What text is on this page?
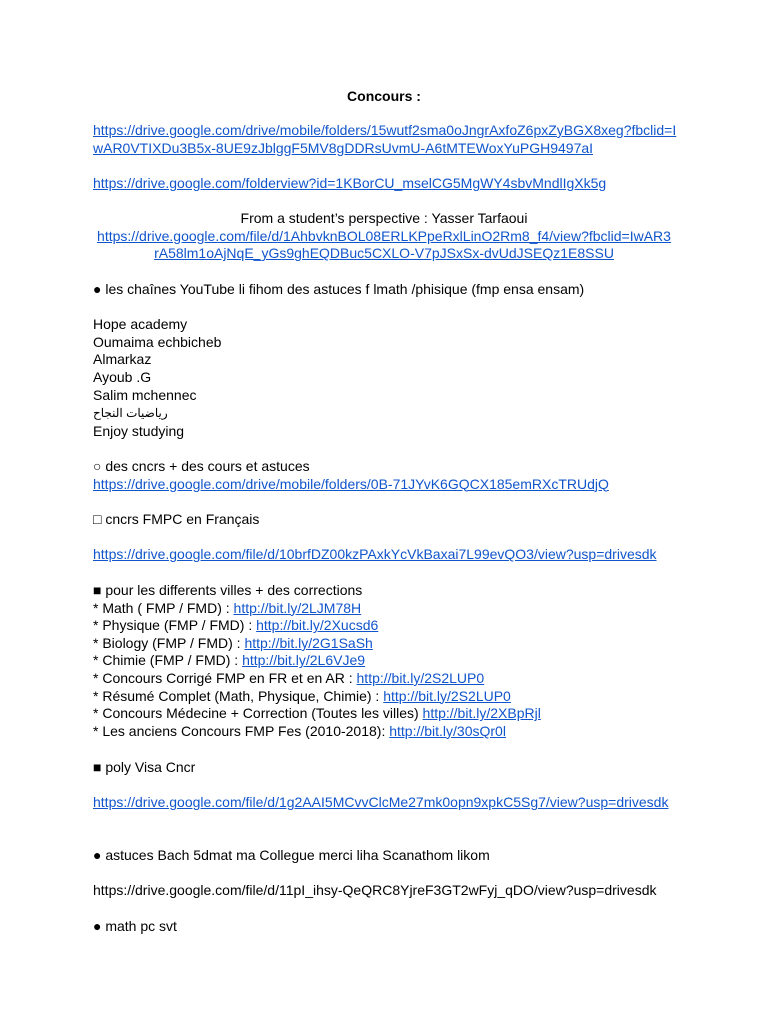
Concours :
https://drive.google.com/drive/mobile/folders/15wutf2sma0oJngrAxfoZ6pxZyBGX8xeg?fbclid=IwAR0VTIXDu3B5x-8UE9zJblggF5MV8gDDRsUvmU-A6tMTEWoxYuPGH9497aI
https://drive.google.com/folderview?id=1KBorCU_mselCG5MgWY4sbvMndlIgXk5g
From a student’s perspective : Yasser Tarfaoui
https://drive.google.com/file/d/1AhbvknBOL08ERLKPpeRxlLinO2Rm8_f4/view?fbclid=IwAR3
rA58lm1oAjNqE_yGs9ghEQDBuc5CXLO-V7pJSxSx-dvUdJSEQz1E8SSU
● les chaînes YouTube li fihom des astuces f lmath /phisique (fmp ensa ensam)
Hope academy
Oumaima echbicheb
Almarkaz
Ayoub .G
Salim mchennec
رياضيات النجاح
Enjoy studying
○ des cncrs + des cours et astuces
https://drive.google.com/drive/mobile/folders/0B-71JYvK6GQCX185emRXcTRUdjQ
□ cncrs FMPC en Français
https://drive.google.com/file/d/10brfDZ00kzPAxkYcVkBaxai7L99evQO3/view?usp=drivesdk
■ pour les differents villes + des corrections
* Math ( FMP / FMD) : http://bit.ly/2LJM78H
* Physique (FMP / FMD) : http://bit.ly/2Xucsd6
* Biology (FMP / FMD) : http://bit.ly/2G1SaSh
* Chimie (FMP / FMD) : http://bit.ly/2L6VJe9
* Concours Corrigé FMP en FR et en AR : http://bit.ly/2S2LUP0
* Résumé Complet (Math, Physique, Chimie) : http://bit.ly/2S2LUP0
* Concours Médecine + Correction (Toutes les villes) http://bit.ly/2XBpRjl
* Les anciens Concours FMP Fes (2010-2018): http://bit.ly/30sQr0l
■ poly Visa Cncr
https://drive.google.com/file/d/1g2AAI5MCvvClcMe27mk0opn9xpkC5Sg7/view?usp=drivesdk
● astuces Bach 5dmat ma Collegue merci liha Scanathom likom
https://drive.google.com/file/d/11pI_ihsy-QeQRC8YjreF3GT2wFyj_qDO/view?usp=drivesdk
● math pc svt
